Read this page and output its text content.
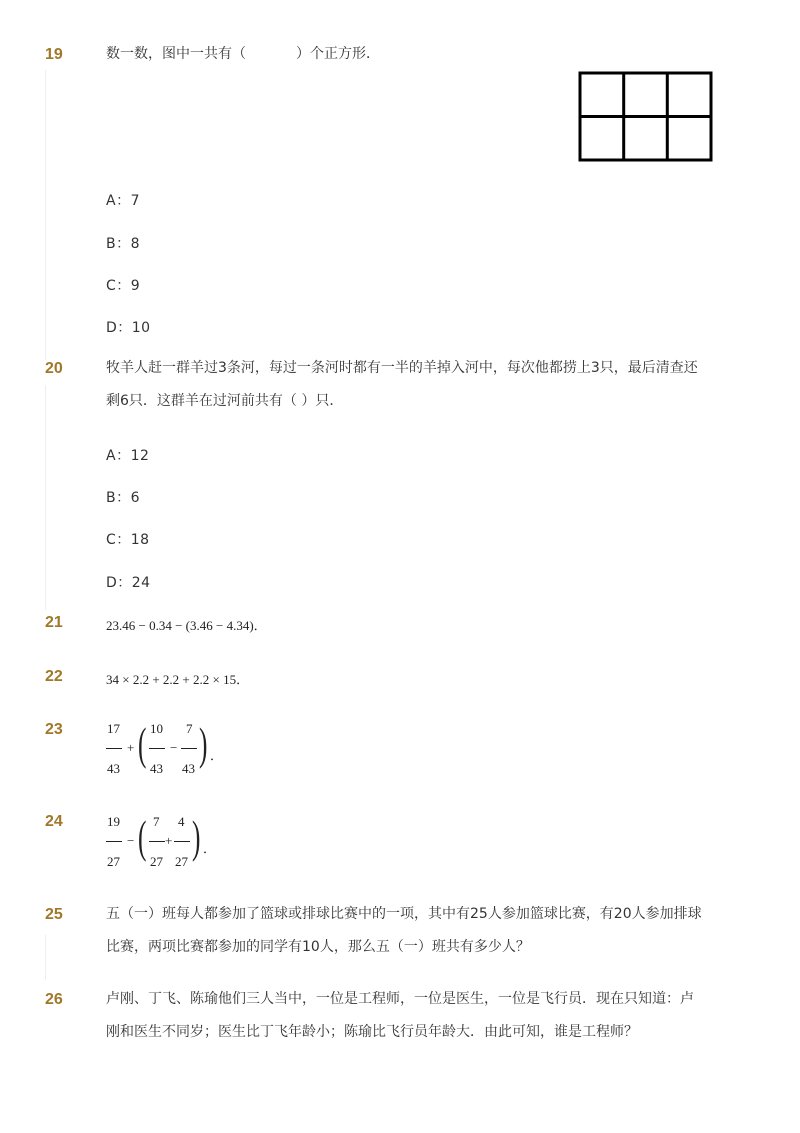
19	数一数，图中一共有（	）个正方形．
A：7
B：8
C：9
D：10
20	牧羊人赶一群羊过3条河，每过一条河时都有一半的羊掉入河中，每次他都捞上3只，最后清查还
剩6只．这群羊在过河前共有（ ）只．
A：12
B：6
C：18
D：24
21	23.46 − 0.34 − (3.46 − 4.34)．
22	34 × 2.2 + 2.2 + 2.2 × 15．
23	17
43
+ ( 10
43
−
7
43 ) ．
24	19
27
− ( 7
27
+
4
27 ) ．
25	五（一）班每人都参加了篮球或排球比赛中的一项，其中有25人参加篮球比赛，有20人参加排球
比赛，两项比赛都参加的同学有10人，那么五（一）班共有多少人？
26	卢刚、丁飞、陈瑜他们三人当中，一位是工程师，一位是医生，一位是飞行员．现在只知道：卢
刚和医生不同岁；医生比丁飞年龄小；陈瑜比飞行员年龄大．由此可知，谁是工程师？
